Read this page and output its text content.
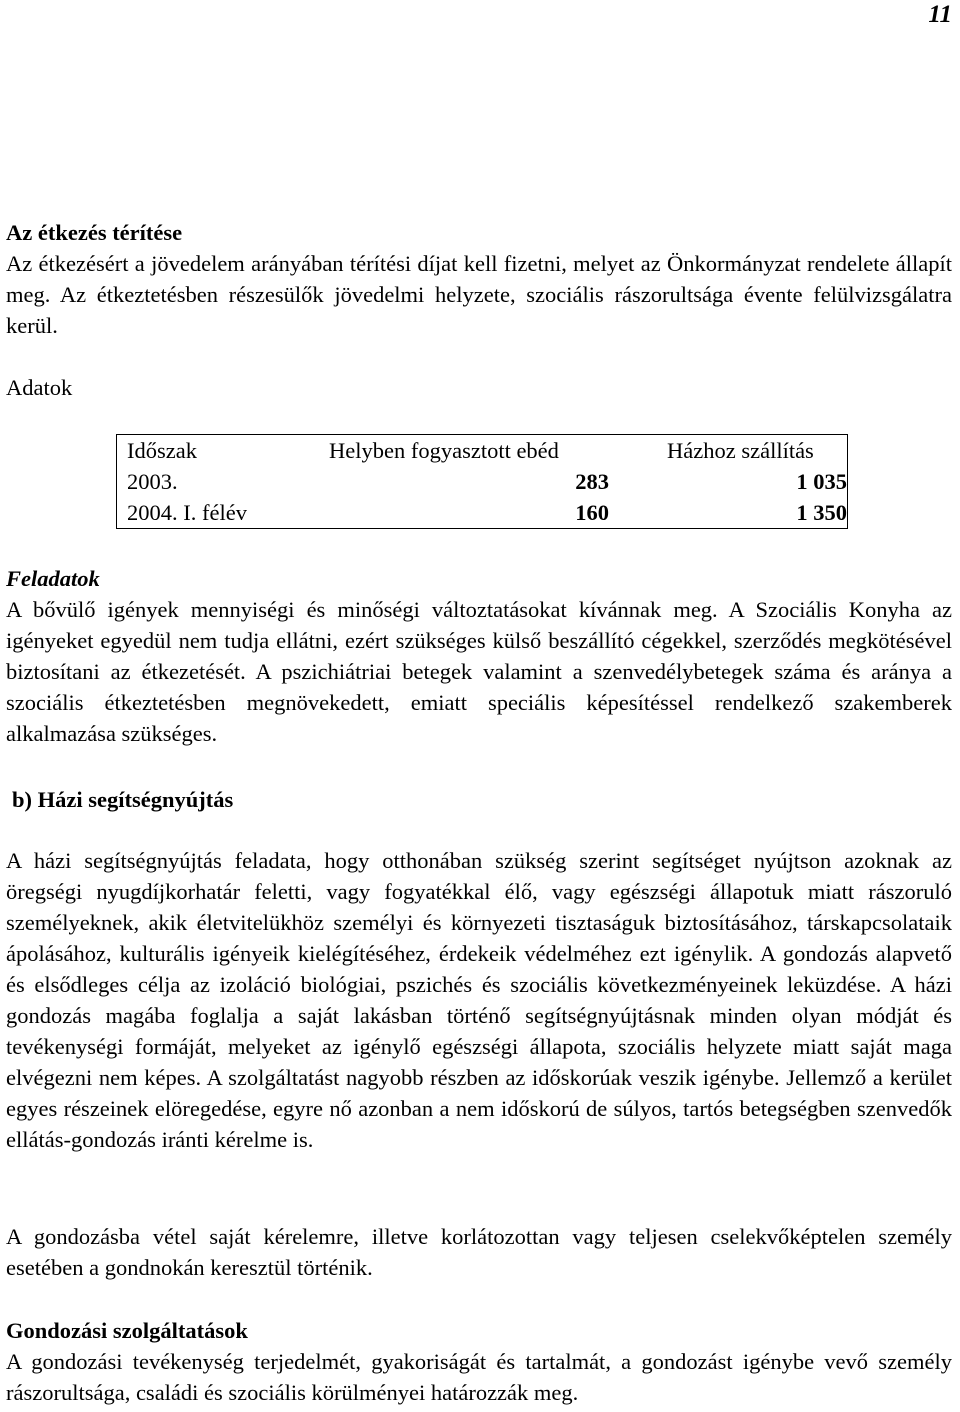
11
Az étkezés térítése

Az étkezésért a jövedelem arányában térítési díjat kell fizetni, melyet az Önkormányzat rendelete állapít meg. Az étkeztetésben részesülők jövedelmi helyzete, szociális rászorultsága évente felülvizsgálatra kerül.

Adatok
Időszak	Helyben fogyasztott ebéd	Házhoz szállítás
2003.	283	1 035
2004. I. félév	160	1 350
Feladatok

A bővülő igények mennyiségi és minőségi változtatásokat kívánnak meg. A Szociális Konyha az igényeket egyedül nem tudja ellátni, ezért szükséges külső beszállító cégekkel, szerződés megkötésével biztosítani az étkezetését. A pszichiátriai betegek valamint a szenvedélybetegek száma és aránya a szociális étkeztetésben megnövekedett, emiatt speciális képesítéssel rendelkező szakemberek alkalmazása szükséges.

b) Házi segítségnyújtás

A házi segítségnyújtás feladata, hogy otthonában szükség szerint segítséget nyújtson azoknak az öregségi nyugdíjkorhatár feletti, vagy fogyatékkal élő, vagy egészségi állapotuk miatt rászoruló személyeknek, akik életvitelükhöz személyi és környezeti tisztaságuk biztosításához, társkapcsolataik ápolásához, kulturális igényeik kielégítéséhez, érdekeik védelméhez ezt igénylik. A gondozás alapvető és elsődleges célja az izoláció biológiai, pszichés és szociális következményeinek leküzdése. A házi gondozás magába foglalja a saját lakásban történő segítségnyújtásnak minden olyan módját és tevékenységi formáját, melyeket az igénylő egészségi állapota, szociális helyzete miatt saját maga elvégezni nem képes. A szolgáltatást nagyobb részben az időskorúak veszik igénybe. Jellemző a kerület egyes részeinek elöregedése, egyre nő azonban a nem időskorú de súlyos, tartós betegségben szenvedők ellátás-gondozás iránti kérelme is.

A gondozásba vétel saját kérelemre, illetve korlátozottan vagy teljesen cselekvőképtelen személy esetében a gondnokán keresztül történik.

Gondozási szolgáltatások

A gondozási tevékenység terjedelmét, gyakoriságát és tartalmát, a gondozást igénybe vevő személy rászorultsága, családi és szociális körülményei határozzák meg.
